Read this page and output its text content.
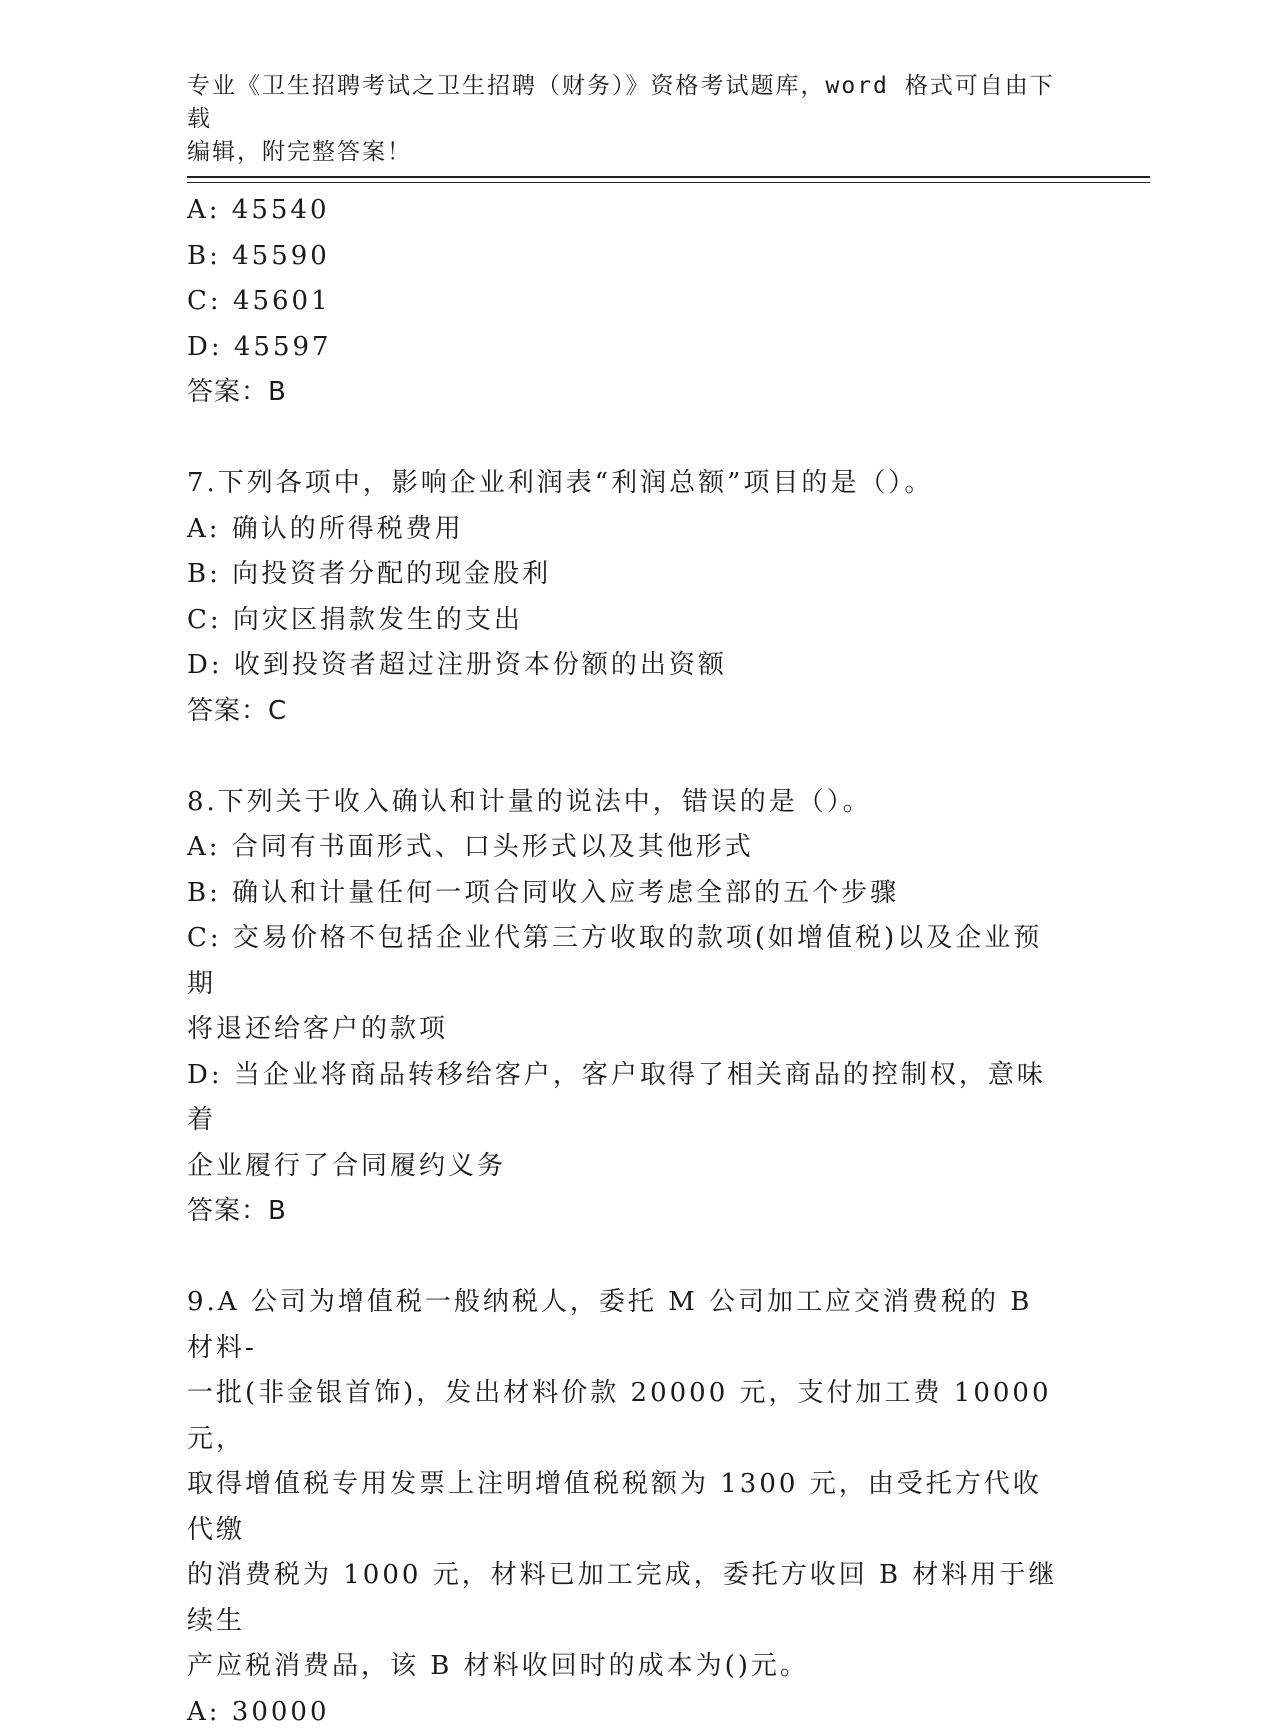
专业《卫生招聘考试之卫生招聘（财务）》资格考试题库，word 格式可自由下载
编辑，附完整答案！
A: 45540
B: 45590
C: 45601
D: 45597
答案：B
7.下列各项中，影响企业利润表“利润总额”项目的是（）。
A: 确认的所得税费用
B: 向投资者分配的现金股利
C: 向灾区捐款发生的支出
D: 收到投资者超过注册资本份额的出资额
答案：C
8.下列关于收入确认和计量的说法中，错误的是（）。
A: 合同有书面形式、口头形式以及其他形式
B: 确认和计量任何一项合同收入应考虑全部的五个步骤
C: 交易价格不包括企业代第三方收取的款项(如增值税)以及企业预期
将退还给客户的款项
D: 当企业将商品转移给客户，客户取得了相关商品的控制权，意味着
企业履行了合同履约义务
答案：B
9.A 公司为增值税一般纳税人，委托 M 公司加工应交消费税的 B 材料-
一批(非金银首饰)，发出材料价款 20000 元，支付加工费 10000 元，
取得增值税专用发票上注明增值税税额为 1300 元，由受托方代收代缴
的消费税为 1000 元，材料已加工完成，委托方收回 B 材料用于继续生
产应税消费品，该 B 材料收回时的成本为()元。
A: 30000
